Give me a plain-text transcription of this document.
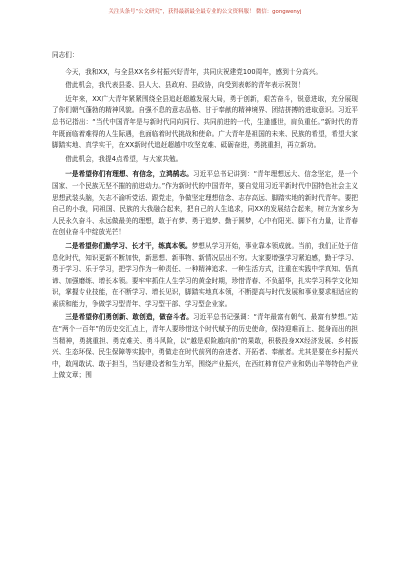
关注头条号“公文研究”，获得最新最全最专业的公文资料服！ 微信：gongwenyj

同志们：

今天，我和XX，与全县XX名乡村振兴好青年，共同庆祝建党100周年，感到十分高兴。

借此机会，我代表县委、县人大、县政府、县政协，向受到表彰的青年表示祝贺！

近年来，XX广大青年紧紧围绕全县追赶超越发展大局，勇于创新，艰苦奋斗，锐意进取，充分展现了你们朝气蓬勃的精神风貌。自强不息的意志品格、甘于奉献的精神境界、团结拼搏的进取意识。习近平总书记指出：“当代中国青年是与新时代同向同行、共同前进的一代，生逢盛世，肩负重任。”新时代的青年既面临着难得的人生际遇，也面临着时代挑战和使命。广大青年是祖国的未来、民族的希望，希望大家脚踏实地、真学实干，在XX新时代追赶超越中攻坚克难、砥砺奋进，勇挑重担，再立新功。

借此机会，我提4点希望，与大家共勉。

一是希望你们有理想、有信念，立鸿鹄志。习近平总书记讲到：“青年理想远大、信念坚定，是一个国家、一个民族无坚不摧的前进动力。”作为新时代的中国青年，要自觉用习近平新时代中国特色社会主义思想武装头脑，矢志不渝听党话、跟党走，争做坚定理想信念、志存高远、脚踏实地的新时代青年。要把自己的小我，同祖国、民族的大我融合起来，把自己的人生追求，同XX的发展结合起来，树立为家乡为人民永久奋斗、永远做最美的理想，敢于有梦、勇于追梦、勤于圆梦，心中有阳光、脚下有力量，让青春在创业奋斗中绽放光芒！

二是希望你们勤学习、长才干，练真本领。梦想从学习开始，事业靠本领成就。当前，我们正处于信息化时代，知识更新不断加快，新思想、新事物、新情况层出不穷。大家要增强学习紧迫感，勤于学习、勇于学习、乐于学习，把学习作为一种责任、一种精神追求、一种生活方式，注重在实践中学真知、悟真谛、加强磨练、增长本领。要牢牢抓住人生学习的黄金时期，珍惜青春、不负韶华，扎实学习科学文化知识，掌握专业技能，在不断学习、增长见识，脚踏实地真本领，不断提高与时代发展和事业要求相适应的素质和能力，争做学习型青年、学习型干部、学习型企业家。

三是希望你们勇创新、敢创造，做奋斗者。习近平总书记强调：“青年最富有朝气、最富有梦想。”站在“两个一百年”的历史交汇点上，青年人要珍惜这个时代赋予的历史使命，保持迎难而上、挺身而出的担当精神，勇挑重担、勇克难关、勇斗风险，以“越是艰险越向前”的果敢，积极投身XX经济发展、乡村振兴、生态环保、民生保障等实践中，勇做走在时代前列的奋进者、开拓者、奉献者。尤其是要在乡村振兴中，敢闯敢试、敢于担当，当好建设者和生力军，围绕产业振兴，在西红柿育位产业和奶山羊等特色产业上做文章；围
